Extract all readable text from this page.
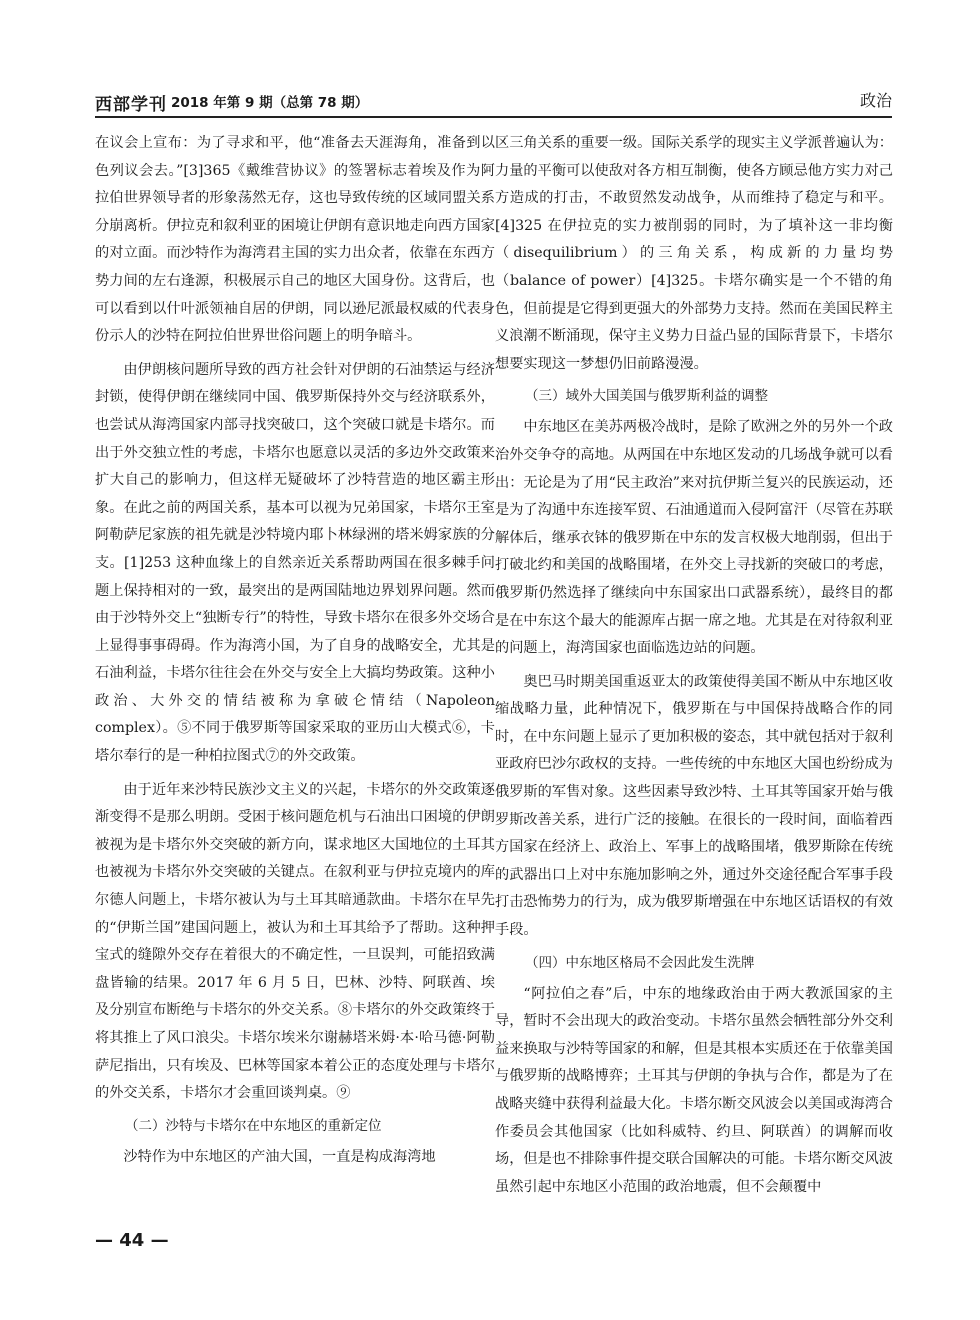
西部学刊 2018 年第 9 期（总第 78 期）	政治

在议会上宣布：为了寻求和平，他“准备去天涯海角，准备到以色列议会去。”[3]365《戴维营协议》的签署标志着埃及作为阿拉伯世界领导者的形象荡然无存，这也导致传统的区域同盟关系分崩离析。伊拉克和叙利亚的困境让伊朗有意识地走向西方国家的对立面。而沙特作为海湾君主国的实力出众者，依靠在东西方势力间的左右逢源，积极展示自己的地区大国身份。这背后，也可以看到以什叶派领袖自居的伊朗，同以逊尼派最权威的代表身份示人的沙特在阿拉伯世界世俗问题上的明争暗斗。

由伊朗核问题所导致的西方社会针对伊朗的石油禁运与经济封锁，使得伊朗在继续同中国、俄罗斯保持外交与经济联系外，也尝试从海湾国家内部寻找突破口，这个突破口就是卡塔尔。而出于外交独立性的考虑，卡塔尔也愿意以灵活的多边外交政策来扩大自己的影响力，但这样无疑破坏了沙特营造的地区霸主形象。在此之前的两国关系，基本可以视为兄弟国家，卡塔尔王室阿勒萨尼家族的祖先就是沙特境内耶卜林绿洲的塔米姆家族的分支。[1]253 这种血缘上的自然亲近关系帮助两国在很多棘手问题上保持相对的一致，最突出的是两国陆地边界划界问题。然而由于沙特外交上“独断专行”的特性，导致卡塔尔在很多外交场合上显得事事碍碍。作为海湾小国，为了自身的战略安全，尤其是石油利益，卡塔尔往往会在外交与安全上大搞均势政策。这种小政治、大外交的情结被称为拿破仑情结（Napoleon complex）。⑤不同于俄罗斯等国家采取的亚历山大模式⑥，卡塔尔奉行的是一种柏拉图式⑦的外交政策。

由于近年来沙特民族沙文主义的兴起，卡塔尔的外交政策逐渐变得不是那么明朗。受困于核问题危机与石油出口困境的伊朗被视为是卡塔尔外交突破的新方向，谋求地区大国地位的土耳其也被视为卡塔尔外交突破的关键点。在叙利亚与伊拉克境内的库尔德人问题上，卡塔尔被认为与土耳其暗通款曲。卡塔尔在早先的“伊斯兰国”建国问题上，被认为和土耳其给予了帮助。这种押宝式的缝隙外交存在着很大的不确定性，一旦误判，可能招致满盘皆输的结果。2017 年 6 月 5 日，巴林、沙特、阿联酋、埃及分别宣布断绝与卡塔尔的外交关系。⑧卡塔尔的外交政策终于将其推上了风口浪尖。卡塔尔埃米尔谢赫塔米姆·本·哈马德·阿勒萨尼指出，只有埃及、巴林等国家本着公正的态度处理与卡塔尔的外交关系，卡塔尔才会重回谈判桌。⑨

（二）沙特与卡塔尔在中东地区的重新定位

沙特作为中东地区的产油大国，一直是构成海湾地

区三角关系的重要一级。国际关系学的现实主义学派普遍认为：力量的平衡可以使敌对各方相互制衡，使各方顾忌他方实力对己方造成的打击，不敢贸然发动战争，从而维持了稳定与和平。[4]325 在伊拉克的实力被削弱的同时，为了填补这一非均衡（disequilibrium）的三角关系，构成新的力量均势（balance of power）[4]325。卡塔尔确实是一个不错的角色，但前提是它得到更强大的外部势力支持。然而在美国民粹主义浪潮不断涌现，保守主义势力日益凸显的国际背景下，卡塔尔想要实现这一梦想仍旧前路漫漫。

（三）域外大国美国与俄罗斯利益的调整

中东地区在美苏两极冷战时，是除了欧洲之外的另外一个政治外交争夺的高地。从两国在中东地区发动的几场战争就可以看出：无论是为了用“民主政治”来对抗伊斯兰复兴的民族运动，还是为了沟通中东连接军贸、石油通道而入侵阿富汗（尽管在苏联解体后，继承衣钵的俄罗斯在中东的发言权极大地削弱，但出于打破北约和美国的战略围堵，在外交上寻找新的突破口的考虑，俄罗斯仍然选择了继续向中东国家出口武器系统），最终目的都是在中东这个最大的能源库占据一席之地。尤其是在对待叙利亚的问题上，海湾国家也面临选边站的问题。

奥巴马时期美国重返亚太的政策使得美国不断从中东地区收缩战略力量，此种情况下，俄罗斯在与中国保持战略合作的同时，在中东问题上显示了更加积极的姿态，其中就包括对于叙利亚政府巴沙尔政权的支持。一些传统的中东地区大国也纷纷成为俄罗斯的军售对象。这些因素导致沙特、土耳其等国家开始与俄罗斯改善关系，进行广泛的接触。在很长的一段时间，面临着西方国家在经济上、政治上、军事上的战略围堵，俄罗斯除在传统的武器出口上对中东施加影响之外，通过外交途径配合军事手段打击恐怖势力的行为，成为俄罗斯增强在中东地区话语权的有效手段。

（四）中东地区格局不会因此发生洗牌

“阿拉伯之春”后，中东的地缘政治由于两大教派国家的主导，暂时不会出现大的政治变动。卡塔尔虽然会牺牲部分外交利益来换取与沙特等国家的和解，但是其根本实质还在于依靠美国与俄罗斯的战略博弈；土耳其与伊朗的争执与合作，都是为了在战略夹缝中获得利益最大化。卡塔尔断交风波会以美国或海湾合作委员会其他国家（比如科威特、约旦、阿联酋）的调解而收场，但是也不排除事件提交联合国解决的可能。卡塔尔断交风波虽然引起中东地区小范围的政治地震，但不会颠覆中

— 44 —
